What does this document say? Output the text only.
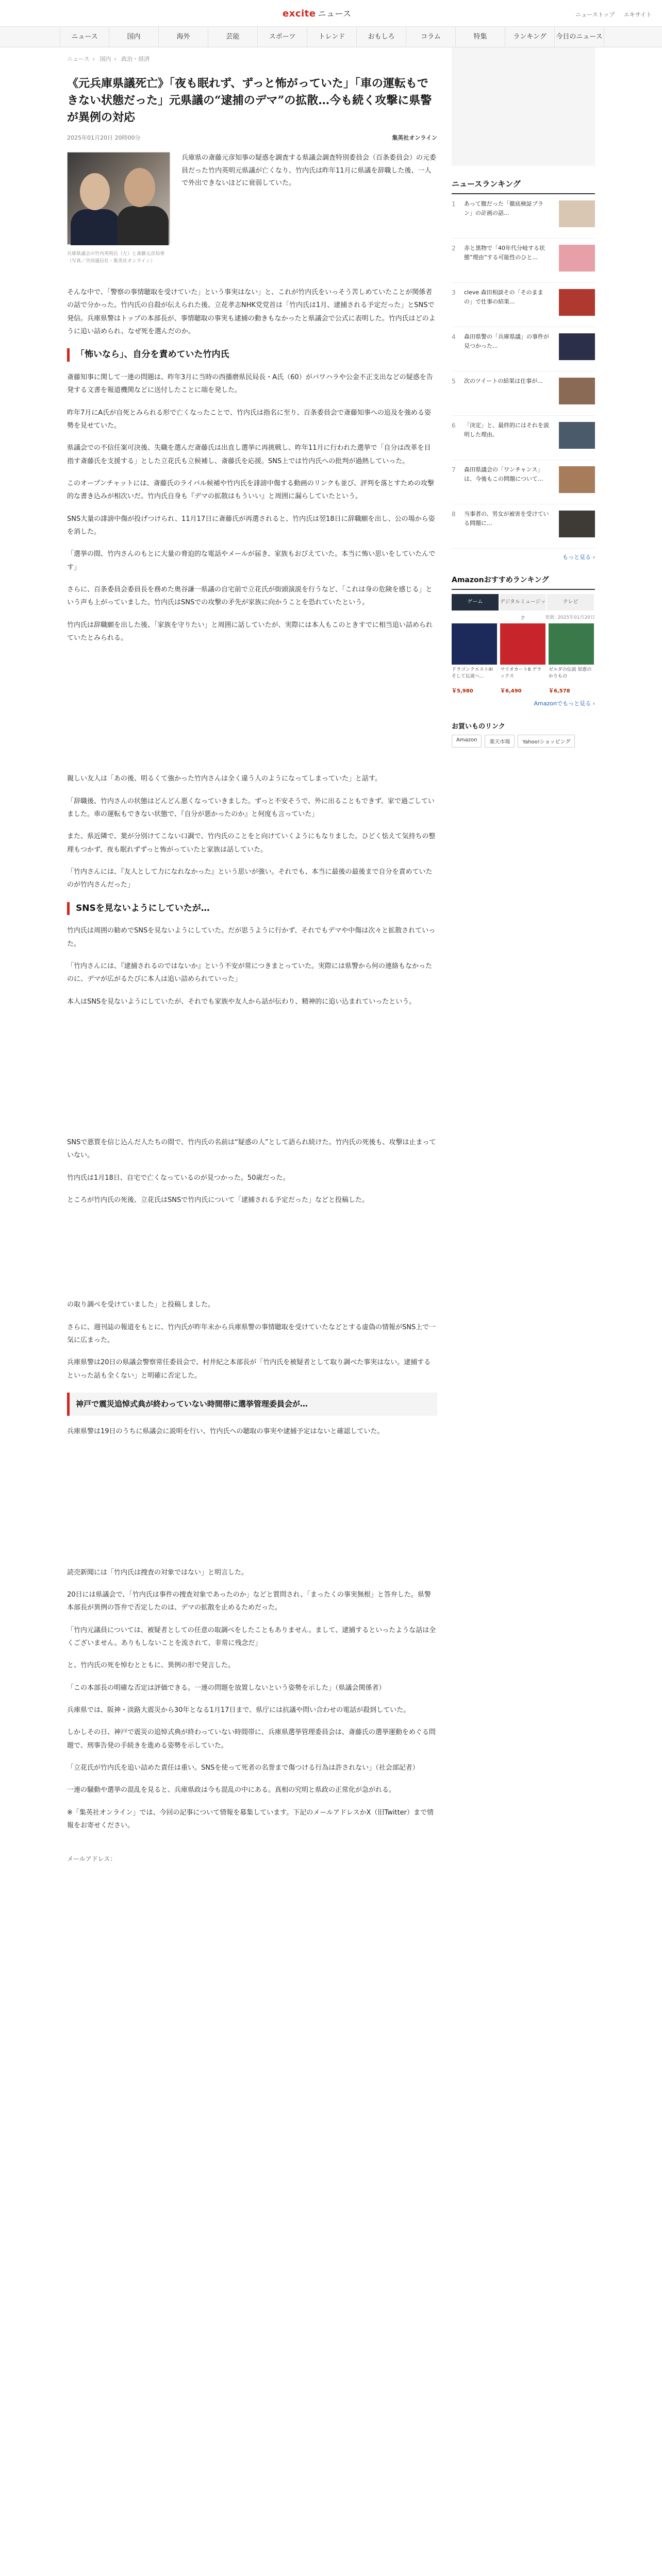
excite ニュース	ニューストップ エキサイト
ニュース	国内	海外	芸能	スポーツ	トレンド	おもしろ	コラム	特集	ランキング	今日のニュース
ニュース › 国内 › 政治・経済
《元兵庫県議死亡》「夜も眠れず、ずっと怖がっていた」「車の運転もできない状態だった」元県議の“逮捕のデマ”の拡散…今も続く攻撃に県警が異例の対応
2025年01月20日 20時00分	集英社オンライン
兵庫県議会の竹内英明氏（左）と斎藤元彦知事（写真／共同通信社・集英社オンライン）
兵庫県の斎藤元彦知事の疑惑を調査する県議会調査特別委員会（百条委員会）の元委員だった竹内英明元県議が亡くなり、竹内氏は昨年11月に県議を辞職した後、一人で外出できないほどに衰弱していた。

そんな中で、「警察の事情聴取を受けていた」という事実はない」と、これが竹内氏をいっそう苦しめていたことが関係者の話で分かった。竹内氏の自殺が伝えられた後、立花孝志NHK党党首は「竹内氏は1月、逮捕される予定だった」とSNSで発信。兵庫県警はトップの本部長が、事情聴取の事実も逮捕の動きもなかったと県議会で公式に表明した。竹内氏はどのように追い詰められ、なぜ死を選んだのか。

「怖いなら」、自分を責めていた竹内氏

斎藤知事に関して一連の問題は、昨年3月に当時の西播磨県民局長・A氏（60）がパワハラや公金不正支出などの疑惑を告発する文書を報道機関などに送付したことに端を発した。

昨年7月にA氏が自死とみられる形で亡くなったことで、竹内氏は指名に至り、百条委員会で斎藤知事への追及を強める姿勢を見せていた。

県議会での不信任案可決後、失職を選んだ斎藤氏は出直し選挙に再挑戦し、昨年11月に行われた選挙で「自分は改革を目指す斎藤氏を支援する」とした立花氏も立候補し、斎藤氏を応援。SNS上では竹内氏への批判が過熱していった。

このオープンチャットには、斎藤氏のライバル候補や竹内氏を誹謗中傷する動画のリンクも並び、評判を落とすための攻撃的な書き込みが相次いだ。竹内氏自身も『デマの拡散はもういい』と周囲に漏らしていたという。

SNS大量の誹謗中傷が投げつけられ、11月17日に斎藤氏が再選されると、竹内氏は翌18日に辞職願を出し、公の場から姿を消した。

「選挙の間、竹内さんのもとに大量の脅迫的な電話やメールが届き、家族もおびえていた。本当に怖い思いをしていたんです」

さらに、百条委員会委員長を務めた奥谷謙一県議の自宅前で立花氏が街頭演説を行うなど、「これは身の危険を感じる」という声も上がっていました。竹内氏はSNSでの攻撃の矛先が家族に向かうことを恐れていたという。

竹内氏は辞職願を出した後、「家族を守りたい」と周囲に話していたが、実際には本人もこのときすでに相当追い詰められていたとみられる。

親しい友人は「あの後、明るくて強かった竹内さんは全く違う人のようになってしまっていた」と話す。

「辞職後、竹内さんの状態はどんどん悪くなっていきました。ずっと不安そうで、外に出ることもできず、家で過ごしていました。車の運転もできない状態で、『自分が悪かったのか』と何度も言っていた」

また、県近隣で、葉が分別けてこない口調で、竹内氏のことをと向けていくようにもなりました。ひどく怯えて気持ちの整理もつかず、夜も眠れずずっと怖がっていたと家族は話していた。

「竹内さんには、『友人として力になれなかった』という思いが強い。それでも、本当に最後の最後まで自分を責めていたのが竹内さんだった」

SNSを見ないようにしていたが…

竹内氏は周囲の勧めでSNSを見ないようにしていた。だが思うように行かず、それでもデマや中傷は次々と拡散されていった。

「竹内さんには、『逮捕されるのではないか』という不安が常につきまとっていた。実際には県警から何の連絡もなかったのに、デマが広がるたびに本人は追い詰められていった」

本人はSNSを見ないようにしていたが、それでも家族や友人から話が伝わり、精神的に追い込まれていったという。

SNSで悪質を信じ込んだ人たちの間で、竹内氏の名前は“疑惑の人”として語られ続けた。竹内氏の死後も、攻撃は止まっていない。

竹内氏は1月18日、自宅で亡くなっているのが見つかった。50歳だった。

ところが竹内氏の死後、立花氏はSNSで竹内氏について「逮捕される予定だった」などと投稿した。

の取り調べを受けていました」と投稿しました。

さらに、週刊誌の報道をもとに、竹内氏が昨年末から兵庫県警の事情聴取を受けていたなどとする虚偽の情報がSNS上で一気に広まった。

兵庫県警は20日の県議会警察常任委員会で、村井紀之本部長が「竹内氏を被疑者として取り調べた事実はない。逮捕するといった話も全くない」と明確に否定した。

神戸で震災追悼式典が終わっていない時間帯に選挙管理委員会が…

兵庫県警は19日のうちに県議会に説明を行い、竹内氏への聴取の事実や逮捕予定はないと確認していた。

読売新聞には「竹内氏は捜査の対象ではない」と明言した。

20日には県議会で、「竹内氏は事件の捜査対象であったのか」などと質問され、「まったくの事実無根」と答弁した。県警本部長が異例の答弁で否定したのは、デマの拡散を止めるためだった。

「竹内元議員については、被疑者としての任意の取調べをしたこともありません。まして、逮捕するといったような話は全くございません。ありもしないことを流されて、非常に残念だ」

と、竹内氏の死を悼むとともに、異例の形で発言した。

「この本部長の明確な否定は評価できる。一連の問題を放置しないという姿勢を示した」（県議会関係者）

兵庫県では、阪神・淡路大震災から30年となる1月17日まで、県庁には抗議や問い合わせの電話が殺到していた。

しかしその日、神戸で震災の追悼式典が終わっていない時間帯に、兵庫県選挙管理委員会は、斎藤氏の選挙運動をめぐる問題で、刑事告発の手続きを進める姿勢を示していた。

「立花氏が竹内氏を追い詰めた責任は重い。SNSを使って死者の名誉まで傷つける行為は許されない」（社会部記者）

一連の騒動や選挙の混乱を見ると、兵庫県政は今も混乱の中にある。真相の究明と県政の正常化が急がれる。

※「集英社オンライン」では、今回の記事について情報を募集しています。下記のメールアドレスかX（旧Twitter）まで情報をお寄せください。

メールアドレス：
ニュースランキング
1	あって腹だった「徹底検証プラン」の計画の話...
2	赤と黒物で「40年代分岐する状態”理由”する可能性のひと...
3	cleve 森田相談その「そのままの」で仕事の結果...
4	森田県警の「兵庫県議」の事件が見つかった...
5	次のツイートの結果は仕事が...
6	「決定」と、最終的にはそれを説明した理由。
7	森田県議会の「ワンチャンス」は、今後もこの問題について...
8	当事者の、男女が被害を受けている問題に...
もっと見る ›
Amazonおすすめランキング
ゲーム	デジタルミュージック
テレビ
更新: 2025年01月20日
ドラゴンクエストIII そして伝説へ...
￥5,980
マリオカート8 デラックス
￥6,490
ゼルダの伝説 知恵のかりもの
￥6,578
Amazonでもっと見る ›
お買いものリンク
Amazon	楽天市場	Yahoo!ショッピング
